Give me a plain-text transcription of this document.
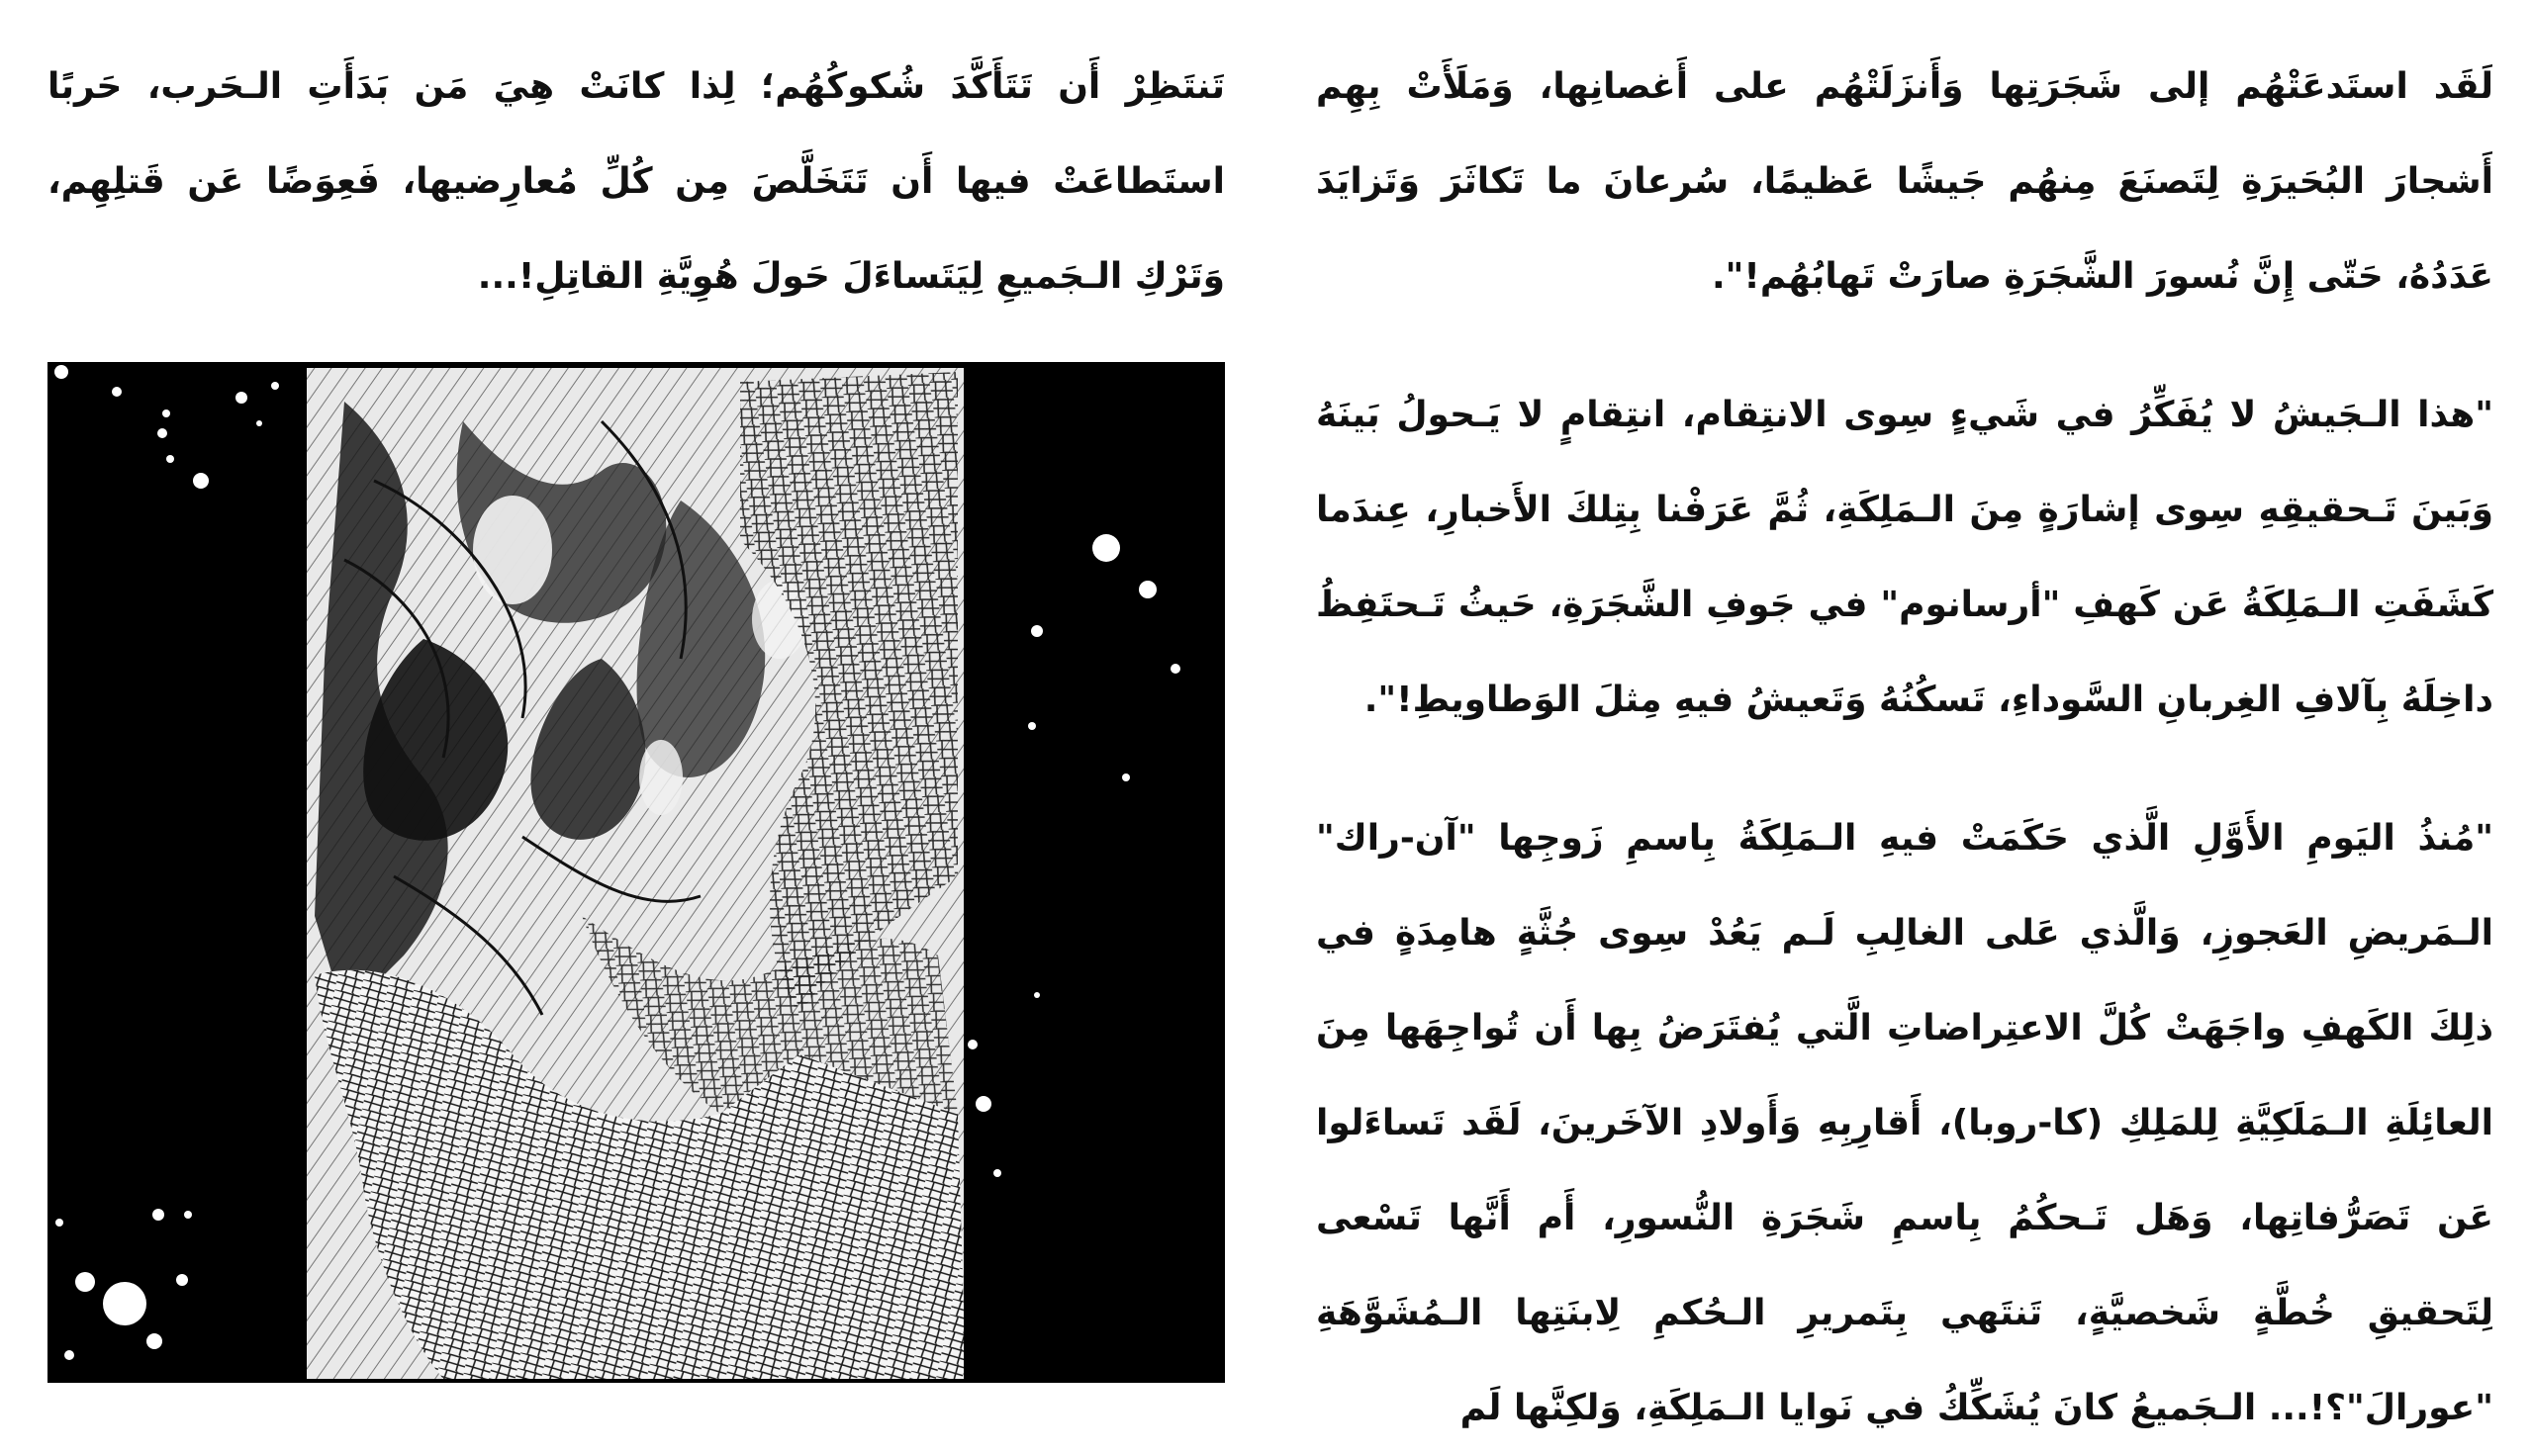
لَقَد استَدعَتْهُم إلى شَجَرَتِها وَأَنزَلَتْهُم على أَغصانِها، وَمَلَأَتْ بِهِم أَشجارَ البُحَيرَةِ لِتَصنَعَ مِنهُم جَيشًا عَظيمًا، سُرعانَ ما تَكاثَرَ وَتَزايَدَ عَدَدُهُ، حَتّى إِنَّ نُسورَ الشَّجَرَةِ صارَتْ تَهابُهُم!".

"هذا الـجَيشُ لا يُفَكِّرُ في شَيءٍ سِوى الانتِقام، انتِقامٍ لا يَـحولُ بَينَهُ وَبَينَ تَـحقيقِهِ سِوى إشارَةٍ مِنَ الـمَلِكَةِ، ثُمَّ عَرَفْنا بِتِلكَ الأَخبارِ، عِندَما كَشَفَتِ الـمَلِكَةُ عَن كَهفِ "أرسانوم" في جَوفِ الشَّجَرَةِ، حَيثُ تَـحتَفِظُ داخِلَهُ بِآلافِ الغِربانِ السَّوداءِ، تَسكُنُهُ وَتَعيشُ فيهِ مِثلَ الوَطاويطِ!".

"مُنذُ اليَومِ الأَوَّلِ الَّذي حَكَمَتْ فيهِ الـمَلِكَةُ بِاسمِ زَوجِها "آن-راك" الـمَريضِ العَجوزِ، وَالَّذي عَلى الغالِبِ لَـم يَعُدْ سِوى جُثَّةٍ هامِدَةٍ في ذلِكَ الكَهفِ واجَهَتْ كُلَّ الاعتِراضاتِ الَّتي يُفتَرَضُ بِها أَن تُواجِهَها مِنَ العائِلَةِ الـمَلَكِيَّةِ لِلمَلِكِ (كا-روبا)، أَقارِبِهِ وَأَولادِ الآخَرينَ، لَقَد تَساءَلوا عَن تَصَرُّفاتِها، وَهَل تَـحكُمُ بِاسمِ شَجَرَةِ النُّسورِ، أَم أَنَّها تَسْعى لِتَحقيقِ خُطَّةٍ شَخصيَّةٍ، تَنتَهي بِتَمريرِ الـحُكمِ لِابنَتِها الـمُشَوَّهَةِ "عورالَ"؟!... الـجَميعُ كانَ يُشَكِّكُ في نَوايا الـمَلِكَةِ، وَلكِنَّها لَم

تَنتَظِرْ أَن تَتَأَكَّدَ شُكوكُهُم؛ لِذا كانَتْ هِيَ مَن بَدَأَتِ الـحَرب، حَربًا استَطاعَتْ فيها أَن تَتَخَلَّصَ مِن كُلِّ مُعارِضيها، فَعِوَضًا عَن قَتلِهِم، وَتَرْكِ الـجَميعِ لِيَتَساءَلَ حَولَ هُوِيَّةِ القاتِلِ!...
